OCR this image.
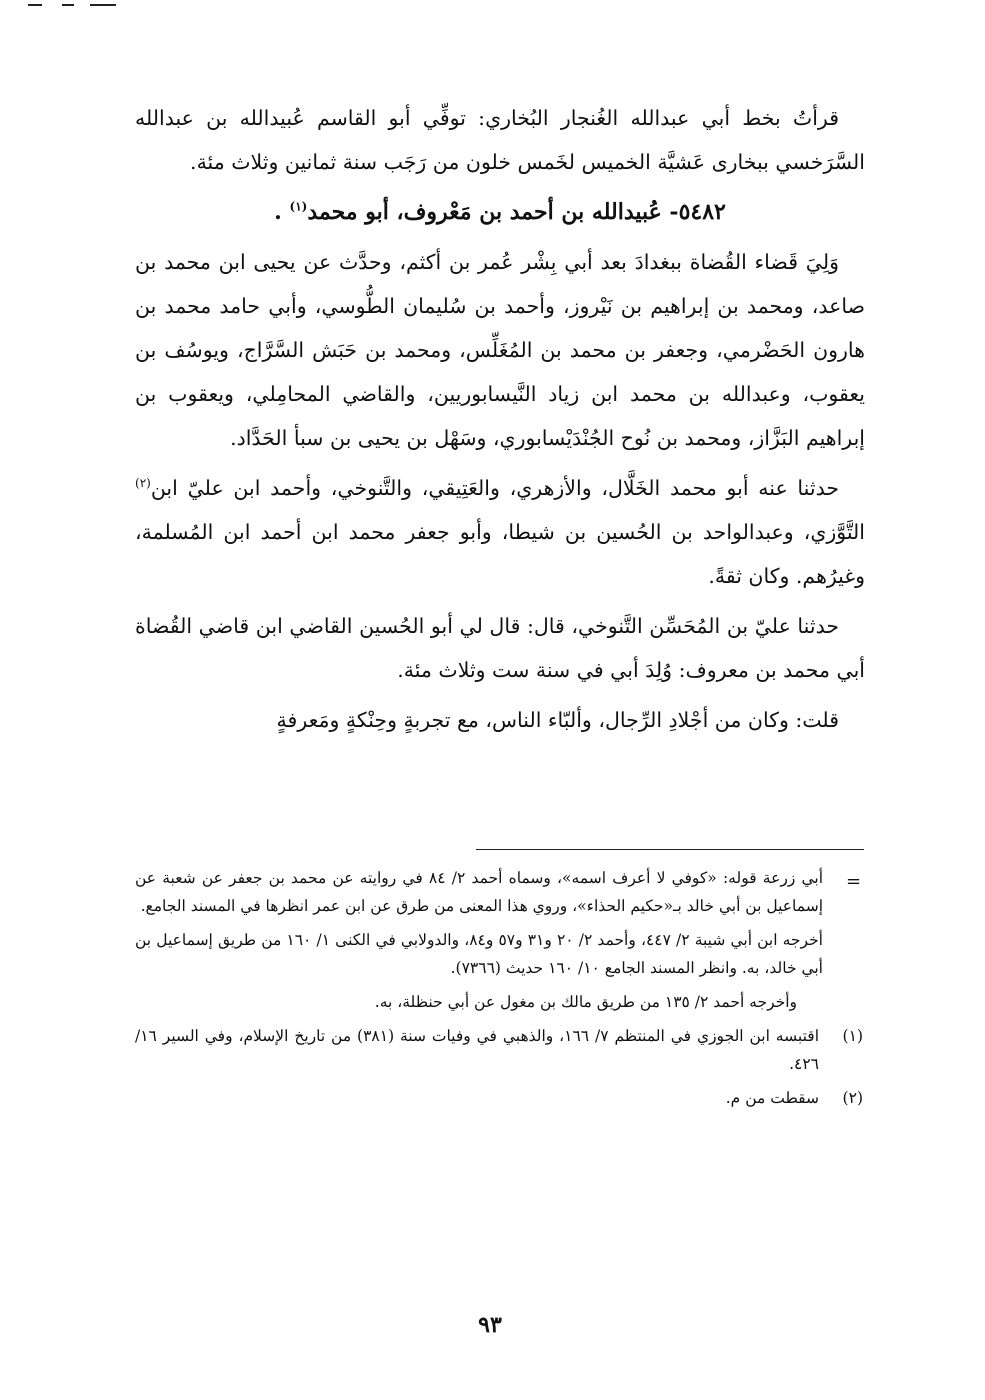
قرأتُ بخط أبي عبدالله الغُنجار البُخاري: توفِّي أبو القاسم عُبيدالله بن عبدالله السَّرَخسي ببخارى عَشيَّة الخميس لخَمس خلون من رَجَب سنة ثمانين وثلاث مئة.

٥٤٨٢- عُبيدالله بن أحمد بن مَعْروف، أبو محمد$^{(١)}$ .

وَلِيَ قَضاء القُضاة ببغدادَ بعد أبي بِشْر عُمر بن أكثم، وحدَّث عن يحيى ابن محمد بن صاعد، ومحمد بن إبراهيم بن نَيْروز، وأحمد بن سُليمان الطُّوسي، وأبي حامد محمد بن هارون الحَضْرمي، وجعفر بن محمد بن المُغَلِّس، ومحمد بن حَبَش السَّرَّاج، ويوسُف بن يعقوب، وعبدالله بن محمد ابن زياد النَّيسابوريين، والقاضي المحامِلي، ويعقوب بن إبراهيم البَزَّاز، ومحمد بن نُوح الجُنْدَيْسابوري، وسَهْل بن يحيى بن سبأ الحَدَّاد.

حدثنا عنه أبو محمد الخَلَّال، والأزهري، والعَتِيقي، والتَّنوخي، وأحمد ابن عليّ ابن$^{(٢)}$ التَّوَّزي، وعبدالواحد بن الحُسين بن شيطا، وأبو جعفر محمد ابن أحمد ابن المُسلمة، وغيرُهم. وكان ثقةً.

حدثنا عليّ بن المُحَسِّن التَّنوخي، قال: قال لي أبو الحُسين القاضي ابن قاضي القُضاة أبي محمد بن معروف: وُلِدَ أبي في سنة ست وثلاث مئة.

قلت: وكان من أجْلادِ الرِّجال، وألبّاء الناس، مع تجربةٍ وحِنْكةٍ ومَعرفةٍ

=

أبي زرعة قوله: «كوفي لا أعرف اسمه»، وسماه أحمد ٢/ ٨٤ في روايته عن محمد بن جعفر عن شعبة عن إسماعيل بن أبي خالد بـ«حكيم الحذاء»، وروي هذا المعنى من طرق عن ابن عمر انظرها في المسند الجامع.

أخرجه ابن أبي شيبة ٢/ ٤٤٧، وأحمد ٢/ ٢٠ و٣١ و٥٧ و٨٤، والدولابي في الكنى ١/ ١٦٠ من طريق إسماعيل بن أبي خالد، به. وانظر المسند الجامع ١٠/ ١٦٠ حديث (٧٣٦٦).

وأخرجه أحمد ٢/ ١٣٥ من طريق مالك بن مغول عن أبي حنظلة، به.

(١)
اقتبسه ابن الجوزي في المنتظم ٧/ ١٦٦، والذهبي في وفيات سنة (٣٨١) من تاريخ الإسلام، وفي السير ١٦/ ٤٢٦.
(٢)
سقطت من م.
٩٣
